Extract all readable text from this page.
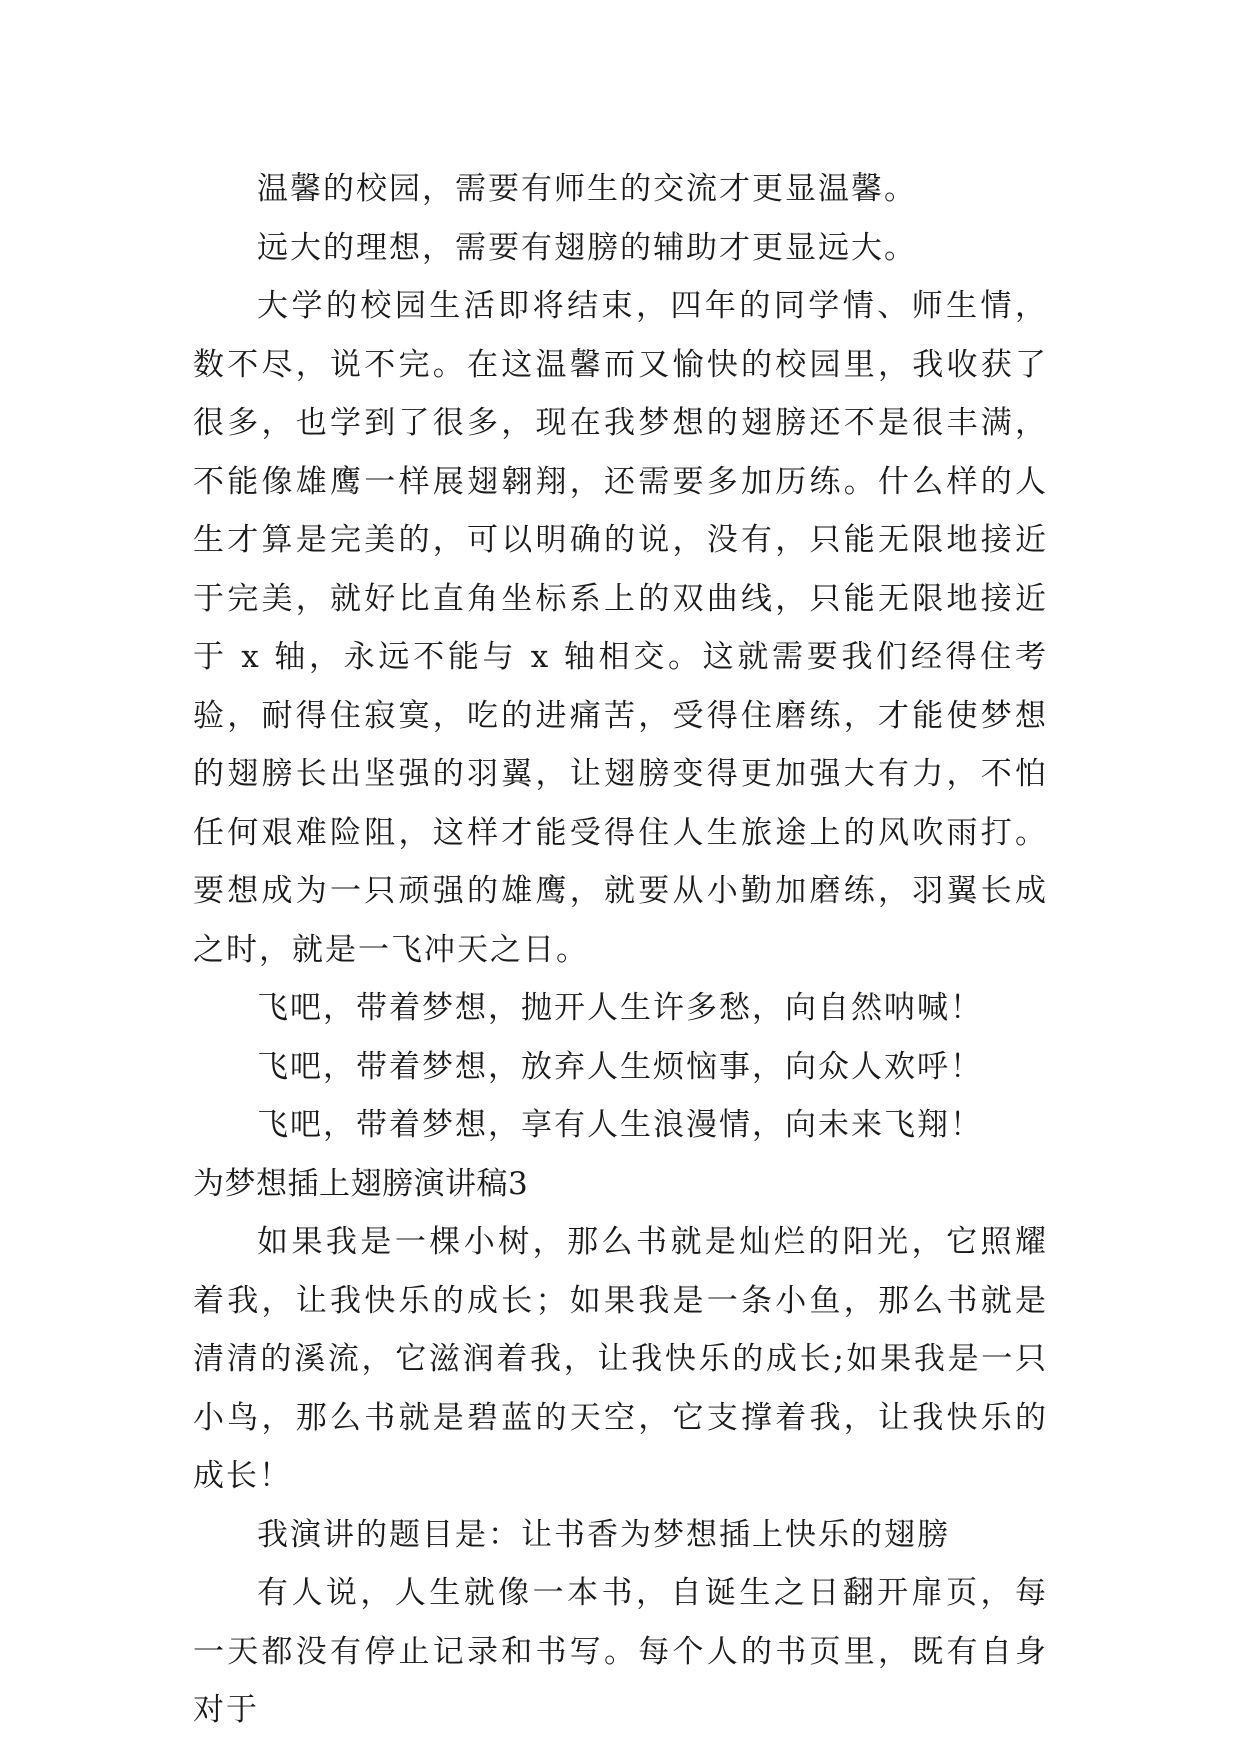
温馨的校园，需要有师生的交流才更显温馨。

远大的理想，需要有翅膀的辅助才更显远大。

大学的校园生活即将结束，四年的同学情、师生情，数不尽，说不完。在这温馨而又愉快的校园里，我收获了很多，也学到了很多，现在我梦想的翅膀还不是很丰满，不能像雄鹰一样展翅翱翔，还需要多加历练。什么样的人生才算是完美的，可以明确的说，没有，只能无限地接近于完美，就好比直角坐标系上的双曲线，只能无限地接近于 x 轴，永远不能与 x 轴相交。这就需要我们经得住考验，耐得住寂寞，吃的进痛苦，受得住磨练，才能使梦想的翅膀长出坚强的羽翼，让翅膀变得更加强大有力，不怕任何艰难险阻，这样才能受得住人生旅途上的风吹雨打。要想成为一只顽强的雄鹰，就要从小勤加磨练，羽翼长成之时，就是一飞冲天之日。

飞吧，带着梦想，抛开人生许多愁，向自然呐喊！

飞吧，带着梦想，放弃人生烦恼事，向众人欢呼！

飞吧，带着梦想，享有人生浪漫情，向未来飞翔！

为梦想插上翅膀演讲稿3

如果我是一棵小树，那么书就是灿烂的阳光，它照耀着我，让我快乐的成长；如果我是一条小鱼，那么书就是清清的溪流，它滋润着我，让我快乐的成长;如果我是一只小鸟，那么书就是碧蓝的天空，它支撑着我，让我快乐的成长！

我演讲的题目是：让书香为梦想插上快乐的翅膀

有人说，人生就像一本书，自诞生之日翻开扉页，每一天都没有停止记录和书写。每个人的书页里，既有自身对于
